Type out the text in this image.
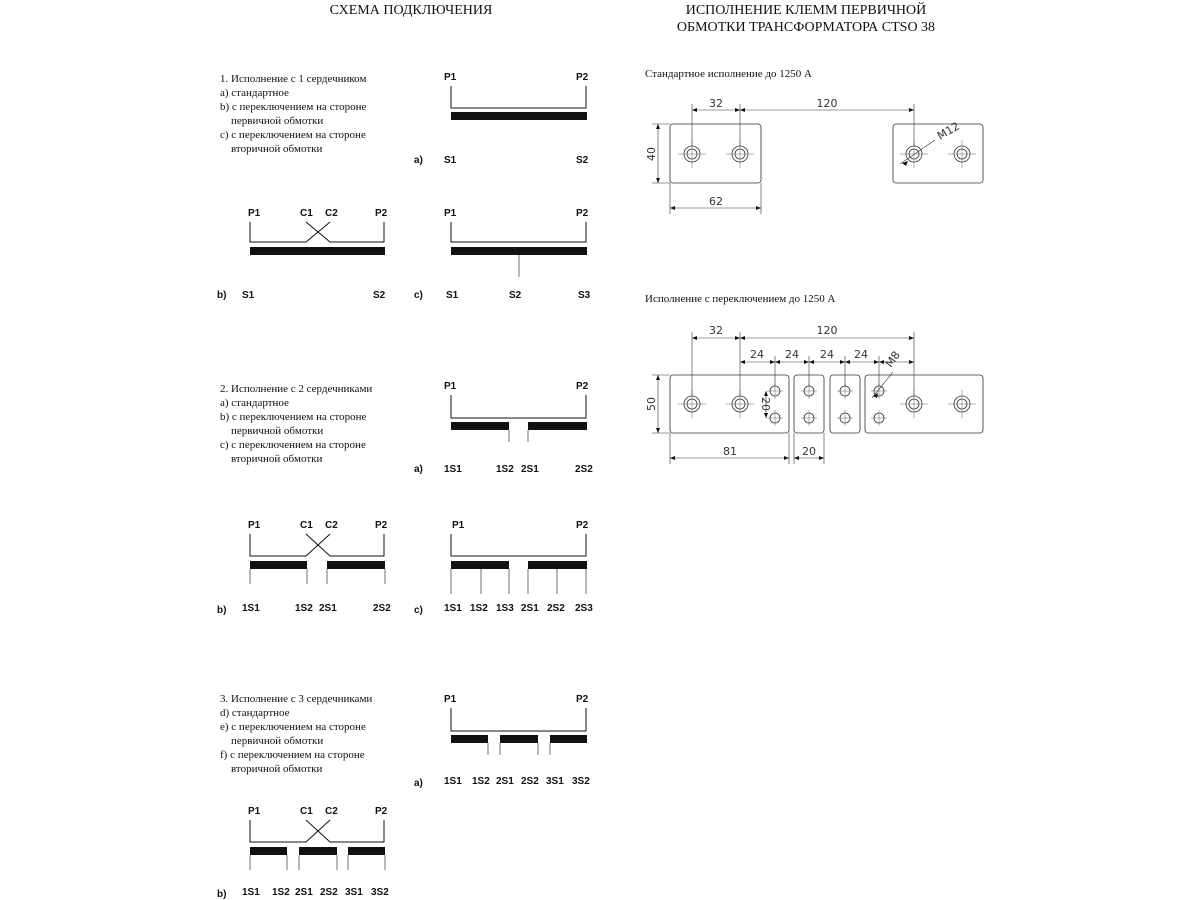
СХЕМА ПОДКЛЮЧЕНИЯ	ИСПОЛНЕНИЕ КЛЕММ ПЕРВИЧНОЙ
ОБМОТКИ ТРАНСФОРМАТОРА CTSO 38
1. Исполнение с 1 сердечником
a) стандартное
b) с переключением на стороне
первичной обмотки
c) с переключением на стороне
вторичной обмотки
P1	P2
a) S1	S2
P1	C1 C2	P2
b) S1	S2
P1	P2
c) S1	S2	S3
2. Исполнение с 2 сердечниками
a) стандартное
b) с переключением на стороне
первичной обмотки
c) с переключением на стороне
вторичной обмотки
P1	P2
a) 1S1	1S2 2S1	2S2
P1	C1 C2	P2
b) 1S1	1S2 2S1	2S2
P1	P2
c) 1S1 1S2 1S3 2S1 2S2 2S3
3. Исполнение с 3 сердечниками
d) стандартное
e) с переключением на стороне
первичной обмотки
f) с переключением на стороне
вторичной обмотки
P1	P2
a) 1S1 1S2 2S1 2S2 3S1 3S2
P1	C1 C2	P2
b) 1S1 1S2 2S1 2S2 3S1 3S2
Стандартное исполнение до 1250 А
32	120
40
62
M12
Исполнение с переключением до 1250 А
32	120
24 24 24 24
20
50
81	20
M8
